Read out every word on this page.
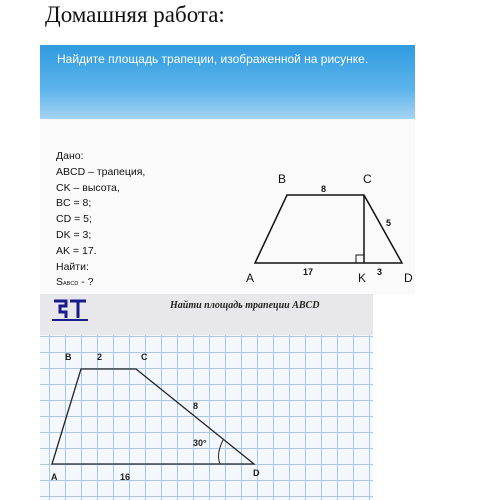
Домашняя работа:
Найдите площадь трапеции, изображенной на рисунке.
Дано:
ABCD – трапеция,
CK – высота,
BC = 8;
CD = 5;
DK = 3;
AK = 17.
Найти:
SABCD - ?
B	C
A	K	D
8
5
17	3
Найти площадь трапеции ABCD
B	2	C
8
30°
A	16	D
